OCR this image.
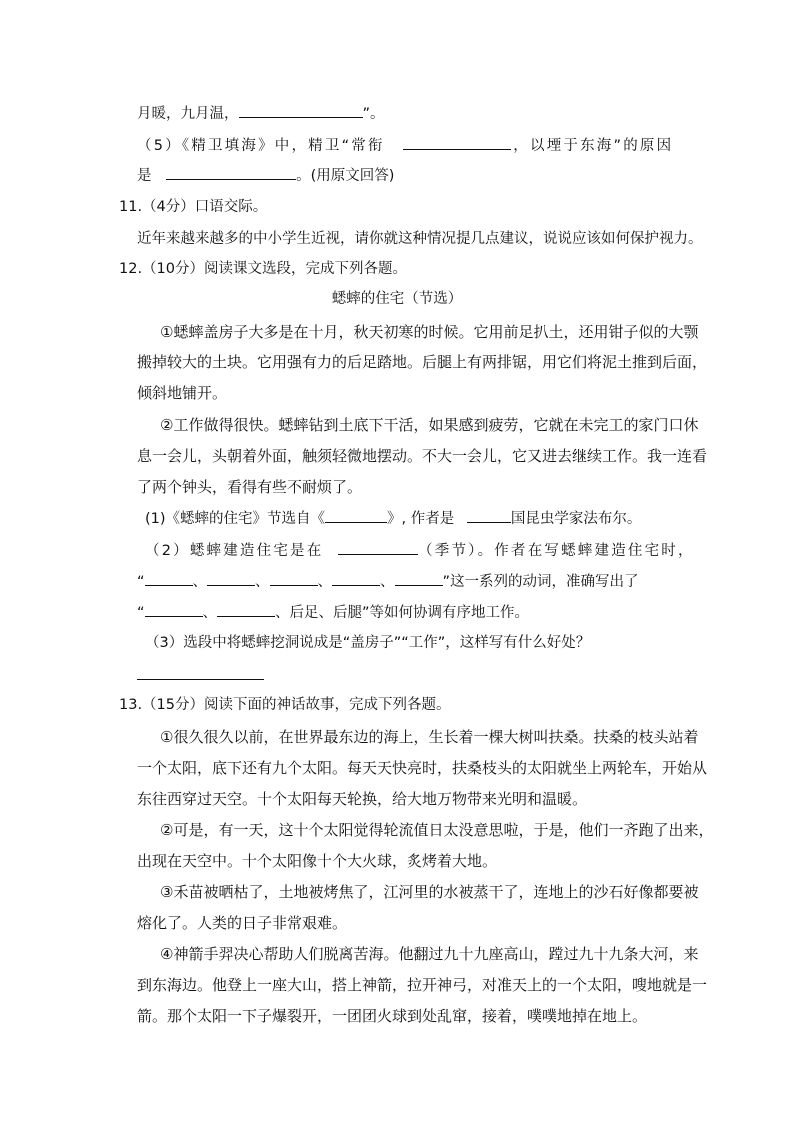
月暖，九月温，	”。
（5）《精卫填海》中，精卫“常衔	，以堙于东海”的原因
是	。(用原文回答)
11.（4分）口语交际。
近年来越来越多的中小学生近视，请你就这种情况提几点建议，说说应该如何保护视力。
12.（10分）阅读课文选段，完成下列各题。
蟋蟀的住宅（节选）
①蟋蟀盖房子大多是在十月，秋天初寒的时候。它用前足扒土，还用钳子似的大颚
搬掉较大的土块。它用强有力的后足踏地。后腿上有两排锯，用它们将泥土推到后面，
倾斜地铺开。
②工作做得很快。蟋蟀钻到土底下干活，如果感到疲劳，它就在未完工的家门口休
息一会儿，头朝着外面，触须轻微地摆动。不大一会儿，它又进去继续工作。我一连看
了两个钟头，看得有些不耐烦了。
(1)《蟋蟀的住宅》节选自《	》, 作者是	国昆虫学家法布尔。
（2）蟋蟀建造住宅是在	（季节）。作者在写蟋蟀建造住宅时，
“	、	、	、	、	”这一系列的动词，准确写出了
“	、	、后足、后腿”等如何协调有序地工作。
（3）选段中将蟋蟀挖洞说成是“盖房子”“工作”，这样写有什么好处？
13.（15分）阅读下面的神话故事，完成下列各题。
①很久很久以前，在世界最东边的海上，生长着一棵大树叫扶桑。扶桑的枝头站着
一个太阳，底下还有九个太阳。每天天快亮时，扶桑枝头的太阳就坐上两轮车，开始从
东往西穿过天空。十个太阳每天轮换，给大地万物带来光明和温暖。
②可是，有一天，这十个太阳觉得轮流值日太没意思啦，于是，他们一齐跑了出来，
出现在天空中。十个太阳像十个大火球，炙烤着大地。
③禾苗被晒枯了，土地被烤焦了，江河里的水被蒸干了，连地上的沙石好像都要被
熔化了。人类的日子非常艰难。
④神箭手羿决心帮助人们脱离苦海。他翻过九十九座高山，蹚过九十九条大河，来
到东海边。他登上一座大山，搭上神箭，拉开神弓，对准天上的一个太阳，嗖地就是一
箭。那个太阳一下子爆裂开，一团团火球到处乱窜，接着，噗噗地掉在地上。
